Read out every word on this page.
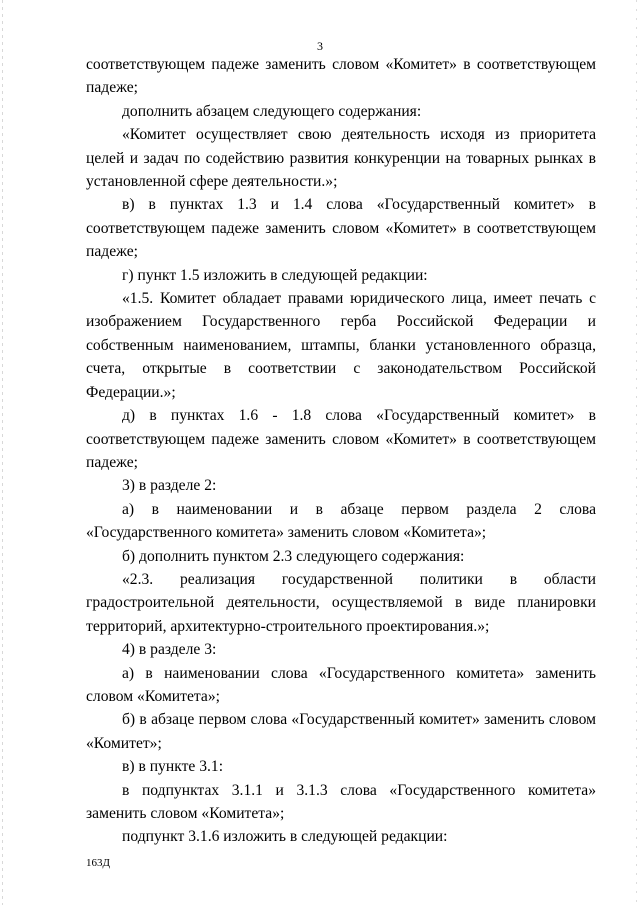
3

соответствующем падеже заменить словом «Комитет» в соответствующем падеже;

дополнить абзацем следующего содержания:

«Комитет осуществляет свою деятельность исходя из приоритета целей и задач по содействию развития конкуренции на товарных рынках в установленной сфере деятельности.»;

в) в пунктах 1.3 и 1.4 слова «Государственный комитет» в соответствующем падеже заменить словом «Комитет» в соответствующем падеже;

г) пункт 1.5 изложить в следующей редакции:

«1.5. Комитет обладает правами юридического лица, имеет печать с изображением Государственного герба Российской Федерации и собственным наименованием, штампы, бланки установленного образца, счета, открытые в соответствии с законодательством Российской Федерации.»;

д) в пунктах 1.6 - 1.8 слова «Государственный комитет» в соответствующем падеже заменить словом «Комитет» в соответствующем падеже;

3) в разделе 2:

а) в наименовании и в абзаце первом раздела 2 слова «Государственного комитета» заменить словом «Комитета»;

б) дополнить пунктом 2.3 следующего содержания:

«2.3. реализация государственной политики в области градостроительной деятельности, осуществляемой в виде планировки территорий, архитектурно-строительного проектирования.»;

4) в разделе 3:

а) в наименовании слова «Государственного комитета» заменить словом «Комитета»;

б) в абзаце первом слова «Государственный комитет» заменить словом «Комитет»;

в) в пункте 3.1:

в подпунктах 3.1.1 и 3.1.3 слова «Государственного комитета» заменить словом «Комитета»;

подпункт 3.1.6 изложить в следующей редакции:

163Д
